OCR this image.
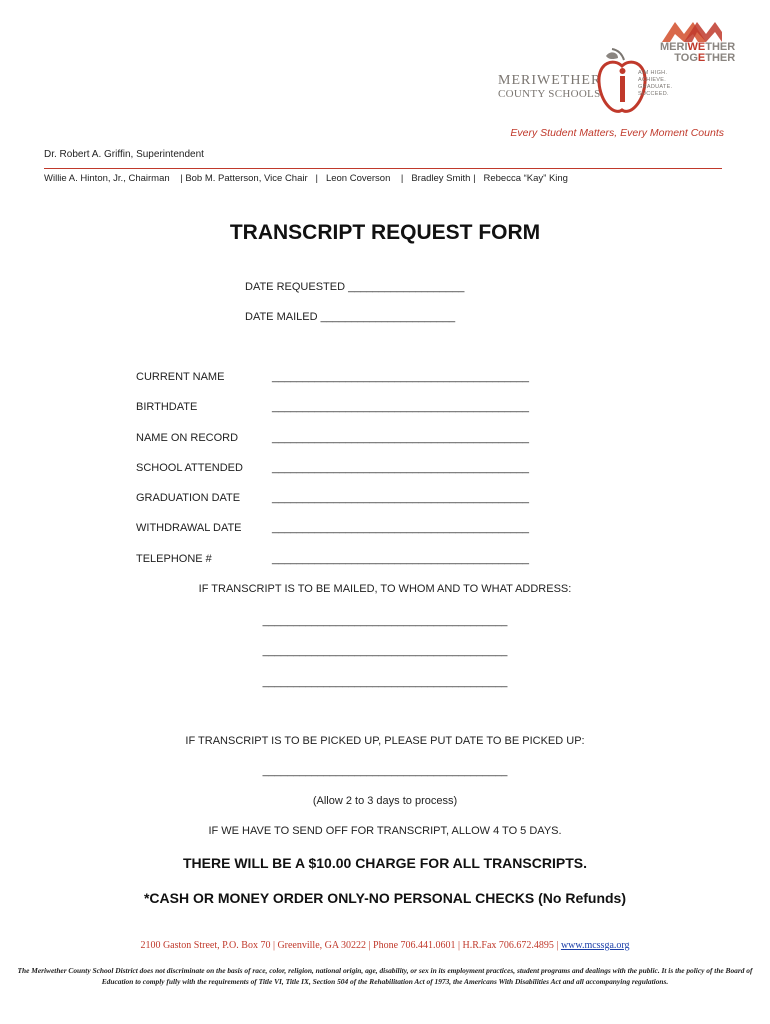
MERIWETHER
TOGETHER
MERIWETHER
COUNTY SCHOOLS
AIM HIGH.
ACHIEVE.
GRADUATE.
SUCCEED.
Every Student Matters, Every Moment Counts
Dr. Robert A. Griffin, Superintendent
Willie A. Hinton, Jr., Chairman    | Bob M. Patterson, Vice Chair   |   Leon Coverson    |   Bradley Smith |   Rebecca “Kay” King
TRANSCRIPT REQUEST FORM
DATE REQUESTED ___________________
DATE MAILED ______________________
CURRENT NAME	__________________________________________
BIRTHDATE	__________________________________________
NAME ON RECORD	__________________________________________
SCHOOL ATTENDED	__________________________________________
GRADUATION DATE	__________________________________________
WITHDRAWAL DATE	__________________________________________
TELEPHONE #	__________________________________________
IF TRANSCRIPT IS TO BE MAILED, TO WHOM AND TO WHAT ADDRESS:
________________________________________
________________________________________
________________________________________
IF TRANSCRIPT IS TO BE PICKED UP, PLEASE PUT DATE TO BE PICKED UP:
________________________________________
(Allow 2 to 3 days to process)
IF WE HAVE TO SEND OFF FOR TRANSCRIPT, ALLOW 4 TO 5 DAYS.
THERE WILL BE A $10.00 CHARGE FOR ALL TRANSCRIPTS.
*CASH OR MONEY ORDER ONLY-NO PERSONAL CHECKS (No Refunds)
2100 Gaston Street, P.O. Box 70 | Greenville, GA 30222 | Phone 706.441.0601 | H.R.Fax 706.672.4895 | www.mcssga.org
The Meriwether County School District does not discriminate on the basis of race, color, religion, national origin, age, disability, or sex in its employment practices, student programs and dealings with the public. It is the policy of the Board of Education to comply fully with the requirements of Title VI, Title IX, Section 504 of the Rehabilitation Act of 1973, the Americans With Disabilities Act and all accompanying regulations.
